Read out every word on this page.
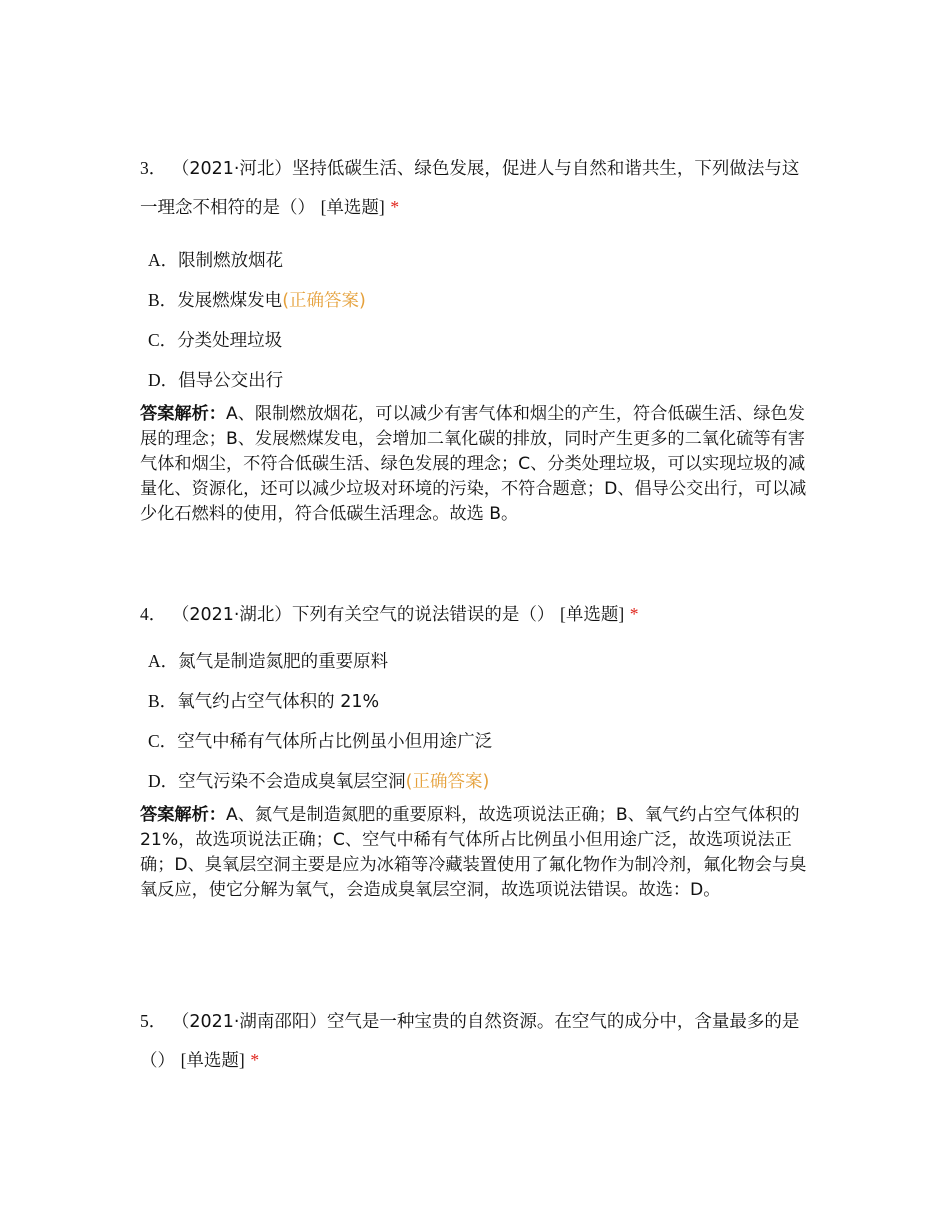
3． （2021·河北）坚持低碳生活、绿色发展，促进人与自然和谐共生，下列做法与这一理念不相符的是（） [单选题] *

A．限制燃放烟花
B．发展燃煤发电(正确答案)
C．分类处理垃圾
D．倡导公交出行

答案解析：A、限制燃放烟花，可以减少有害气体和烟尘的产生，符合低碳生活、绿色发展的理念；B、发展燃煤发电，会增加二氧化碳的排放，同时产生更多的二氧化硫等有害气体和烟尘，不符合低碳生活、绿色发展的理念；C、分类处理垃圾，可以实现垃圾的减量化、资源化，还可以减少垃圾对环境的污染，不符合题意；D、倡导公交出行，可以减少化石燃料的使用，符合低碳生活理念。故选 B。

4． （2021·湖北）下列有关空气的说法错误的是（） [单选题] *

A．氮气是制造氮肥的重要原料
B．氧气约占空气体积的 21%
C．空气中稀有气体所占比例虽小但用途广泛
D．空气污染不会造成臭氧层空洞(正确答案)

答案解析：A、氮气是制造氮肥的重要原料，故选项说法正确；B、氧气约占空气体积的 21%，故选项说法正确；C、空气中稀有气体所占比例虽小但用途广泛，故选项说法正确；D、臭氧层空洞主要是应为冰箱等冷藏装置使用了氟化物作为制冷剂，氟化物会与臭氧反应，使它分解为氧气，会造成臭氧层空洞，故选项说法错误。故选：D。

5． （2021·湖南邵阳）空气是一种宝贵的自然资源。在空气的成分中，含量最多的是（） [单选题] *
